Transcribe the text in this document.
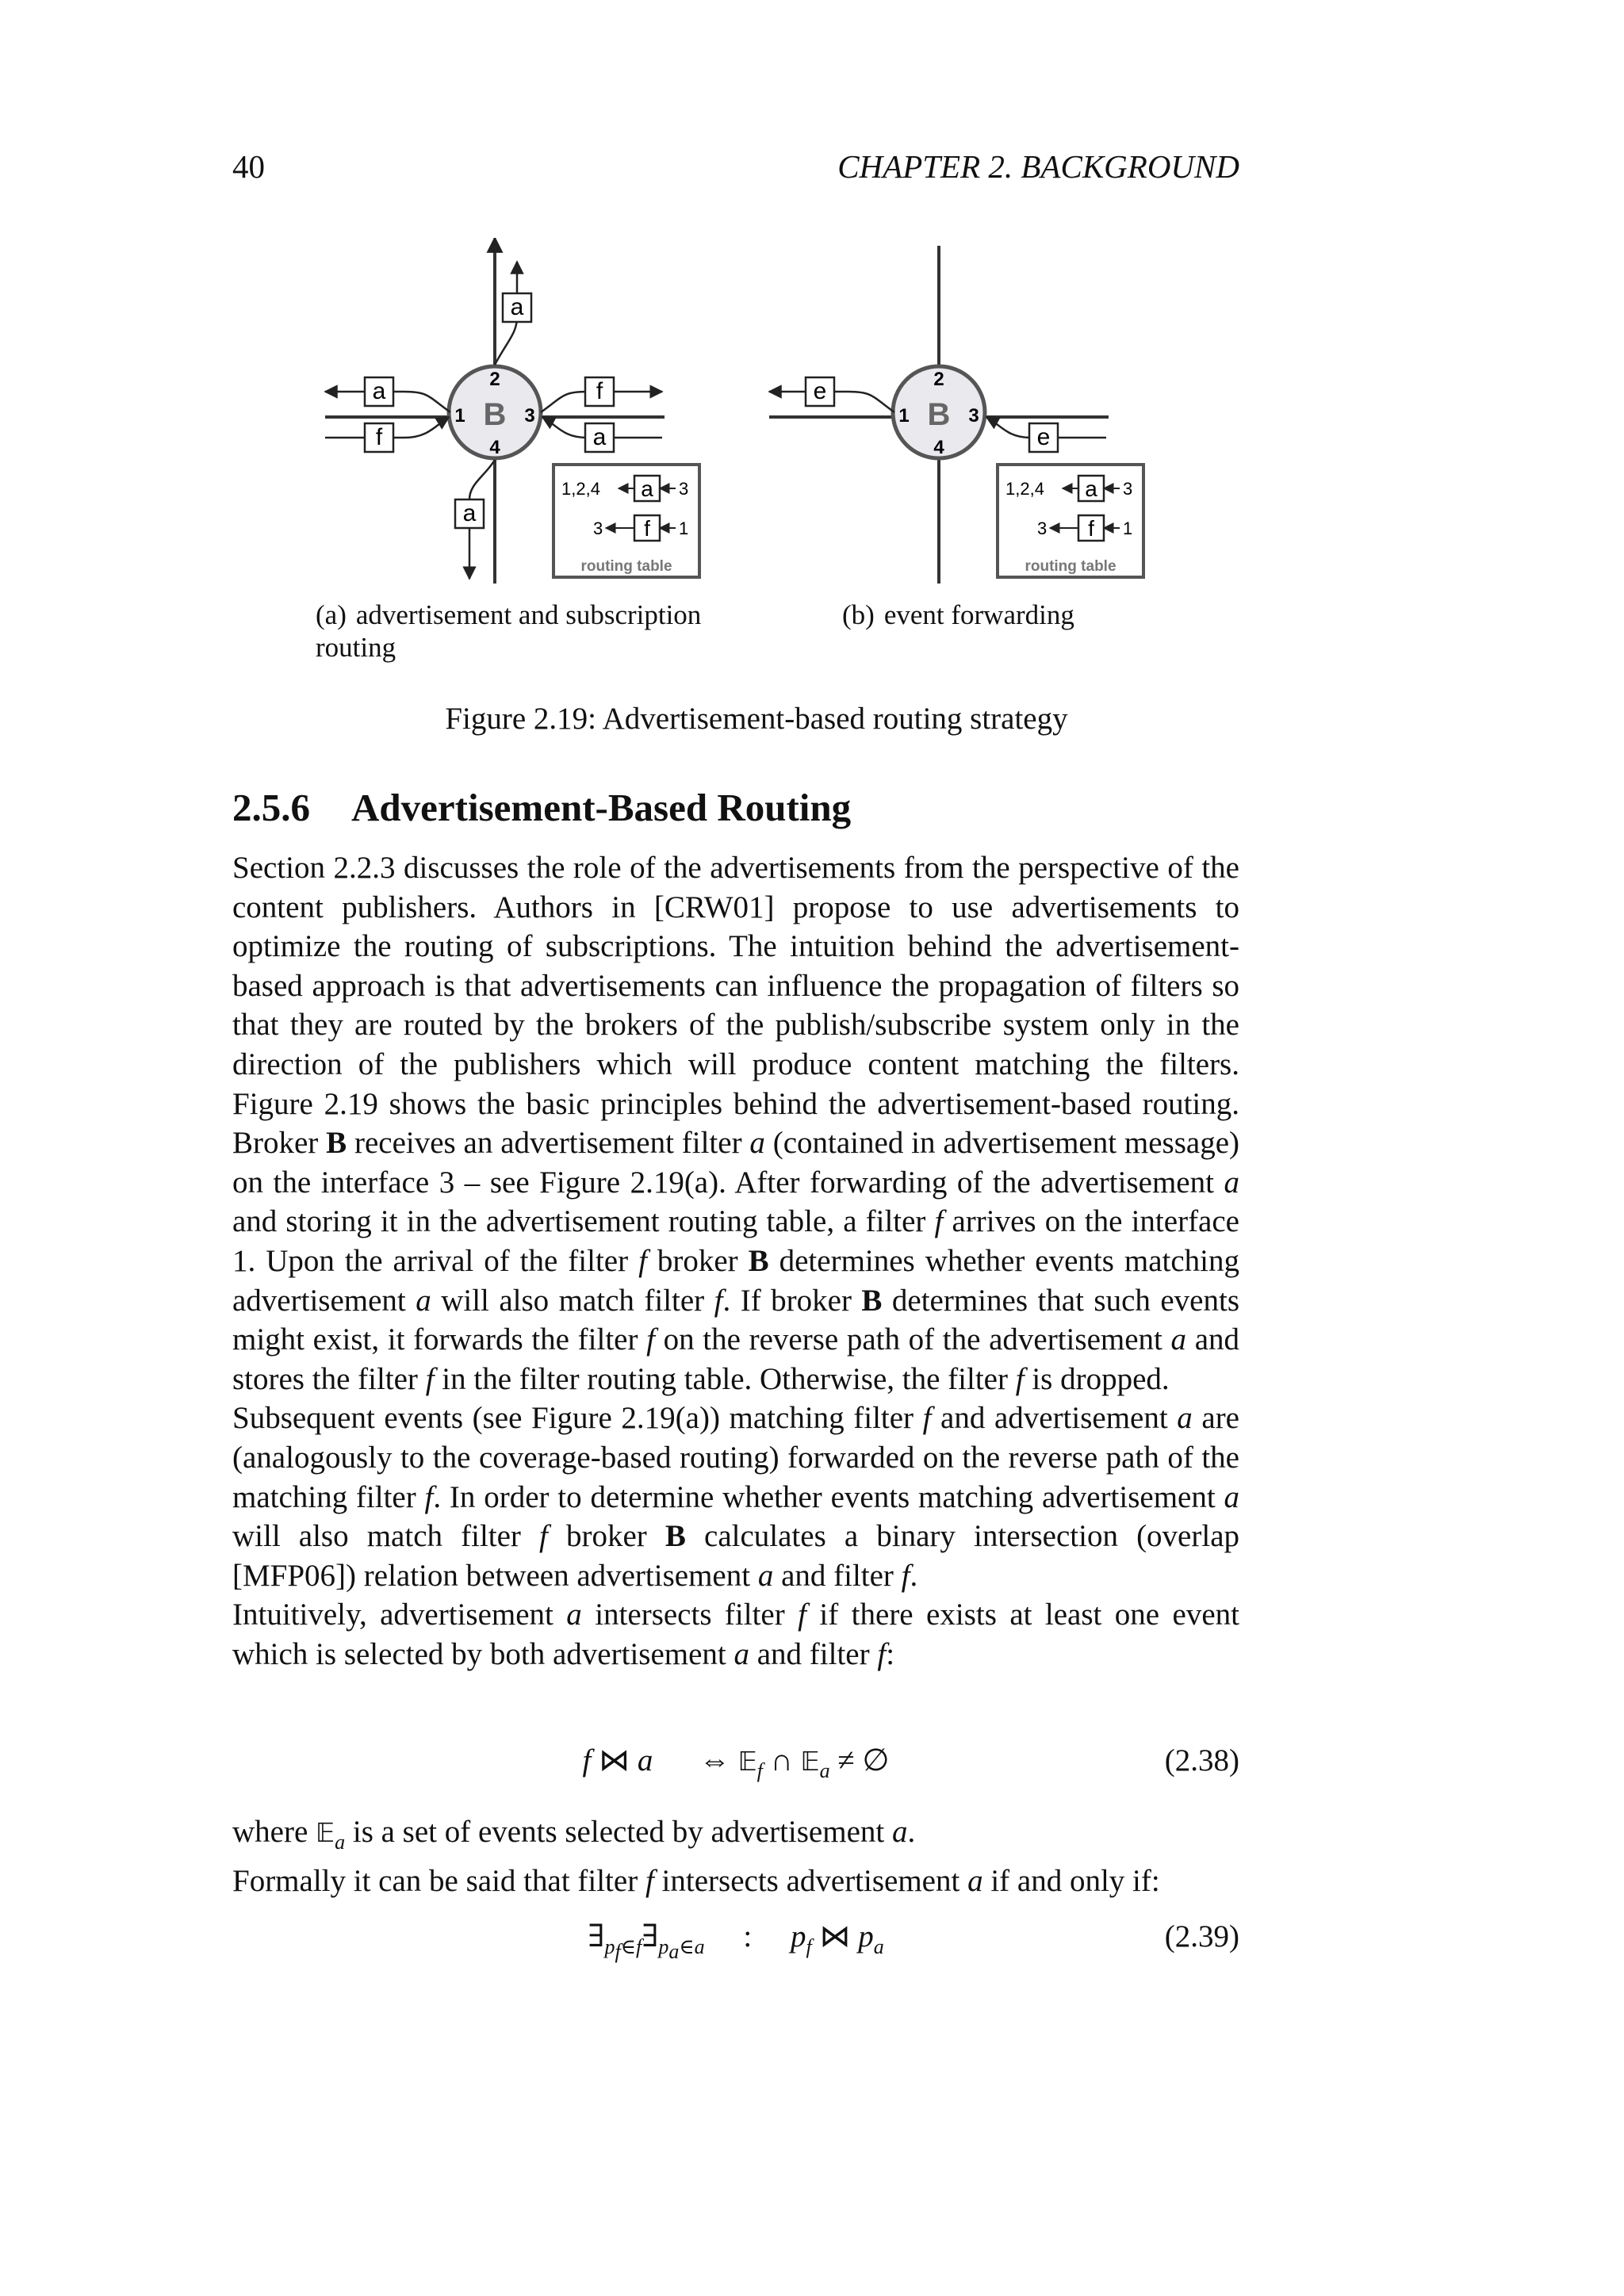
40	CHAPTER 2. BACKGROUND
B
1
2
3
4
a
a
f
f
a
a
1,2,4 a 3
3 f 1
routing table
B
1
2
3
4
e
e
1,2,4 a 3
3 f 1
routing table
(a) advertisement and subscription routing
(b) event forwarding
Figure 2.19: Advertisement-based routing strategy
2.5.6 Advertisement-Based Routing

Section 2.2.3 discusses the role of the advertisements from the perspective of the content publishers. Authors in [CRW01] propose to use advertisements to optimize the routing of subscriptions. The intuition behind the advertisement-based approach is that advertisements can influence the propagation of filters so that they are routed by the brokers of the publish/subscribe system only in the direction of the publishers which will produce content matching the filters. Figure 2.19 shows the basic principles behind the advertisement-based routing. Broker B receives an advertisement filter a (contained in advertisement message) on the interface 3 – see Figure 2.19(a). After forwarding of the advertisement a and storing it in the advertisement routing table, a filter f arrives on the interface 1. Upon the arrival of the filter f broker B determines whether events matching advertisement a will also match filter f. If broker B determines that such events might exist, it forwards the filter f on the reverse path of the advertisement a and stores the filter f in the filter routing table. Otherwise, the filter f is dropped.

Subsequent events (see Figure 2.19(a)) matching filter f and advertisement a are (analogously to the coverage-based routing) forwarded on the reverse path of the matching filter f. In order to determine whether events matching advertisement a will also match filter f broker B calculates a binary intersection (overlap [MFP06]) relation between advertisement a and filter f.

Intuitively, advertisement a intersects filter f if there exists at least one event which is selected by both advertisement a and filter f:

f ⋈ a      ⇔ 𝔼$_f$ ∩ 𝔼$_a$ ≠ ∅	(2.38)

where 𝔼$_a$ is a set of events selected by advertisement a.

Formally it can be said that filter f intersects advertisement a if and only if:

$\exists_{p_f\in f}\exists_{p_a\in a}$     :     $p_f$ ⋈ $p_a$	(2.39)
